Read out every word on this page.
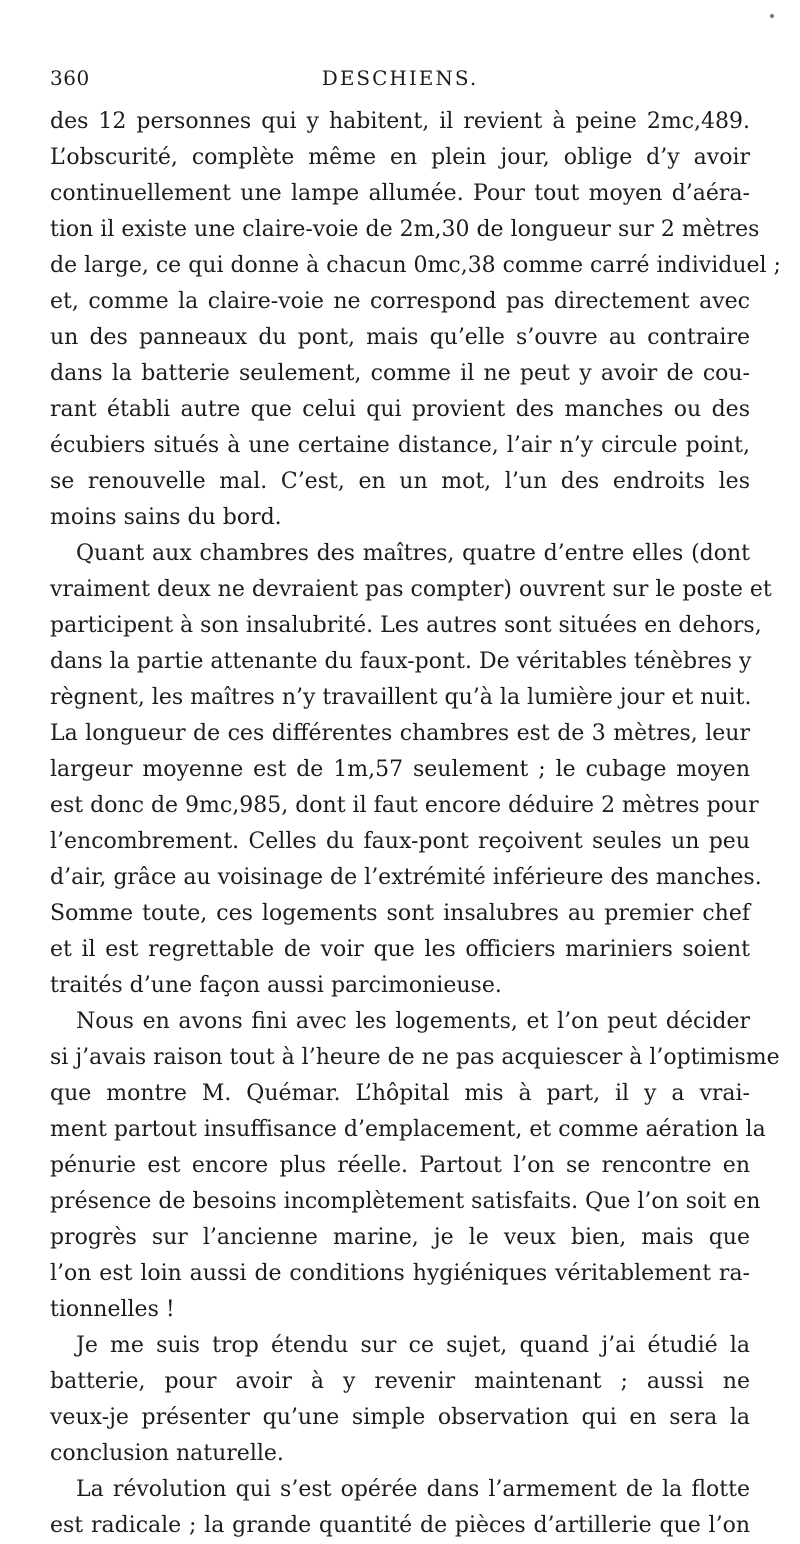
360	DESCHIENS.
des 12 personnes qui y habitent, il revient à peine 2mc,489.
L’obscurité, complète même en plein jour, oblige d’y avoir
continuellement une lampe allumée. Pour tout moyen d’aéra-
tion il existe une claire-voie de 2m,30 de longueur sur 2 mètres
de large, ce qui donne à chacun 0mc,38 comme carré individuel ;
et, comme la claire-voie ne correspond pas directement avec
un des panneaux du pont, mais qu’elle s’ouvre au contraire
dans la batterie seulement, comme il ne peut y avoir de cou-
rant établi autre que celui qui provient des manches ou des
écubiers situés à une certaine distance, l’air n’y circule point,
se renouvelle mal. C’est, en un mot, l’un des endroits les
moins sains du bord.
Quant aux chambres des maîtres, quatre d’entre elles (dont
vraiment deux ne devraient pas compter) ouvrent sur le poste et
participent à son insalubrité. Les autres sont situées en dehors,
dans la partie attenante du faux-pont. De véritables ténèbres y
règnent, les maîtres n’y travaillent qu’à la lumière jour et nuit.
La longueur de ces différentes chambres est de 3 mètres, leur
largeur moyenne est de 1m,57 seulement ; le cubage moyen
est donc de 9mc,985, dont il faut encore déduire 2 mètres pour
l’encombrement. Celles du faux-pont reçoivent seules un peu
d’air, grâce au voisinage de l’extrémité inférieure des manches.
Somme toute, ces logements sont insalubres au premier chef
et il est regrettable de voir que les officiers mariniers soient
traités d’une façon aussi parcimonieuse.
Nous en avons fini avec les logements, et l’on peut décider
si j’avais raison tout à l’heure de ne pas acquiescer à l’optimisme
que montre M. Quémar. L’hôpital mis à part, il y a vrai-
ment partout insuffisance d’emplacement, et comme aération la
pénurie est encore plus réelle. Partout l’on se rencontre en
présence de besoins incomplètement satisfaits. Que l’on soit en
progrès sur l’ancienne marine, je le veux bien, mais que
l’on est loin aussi de conditions hygiéniques véritablement ra-
tionnelles !
Je me suis trop étendu sur ce sujet, quand j’ai étudié la
batterie, pour avoir à y revenir maintenant ; aussi ne
veux-je présenter qu’une simple observation qui en sera la
conclusion naturelle.
La révolution qui s’est opérée dans l’armement de la flotte
est radicale ; la grande quantité de pièces d’artillerie que l’on
